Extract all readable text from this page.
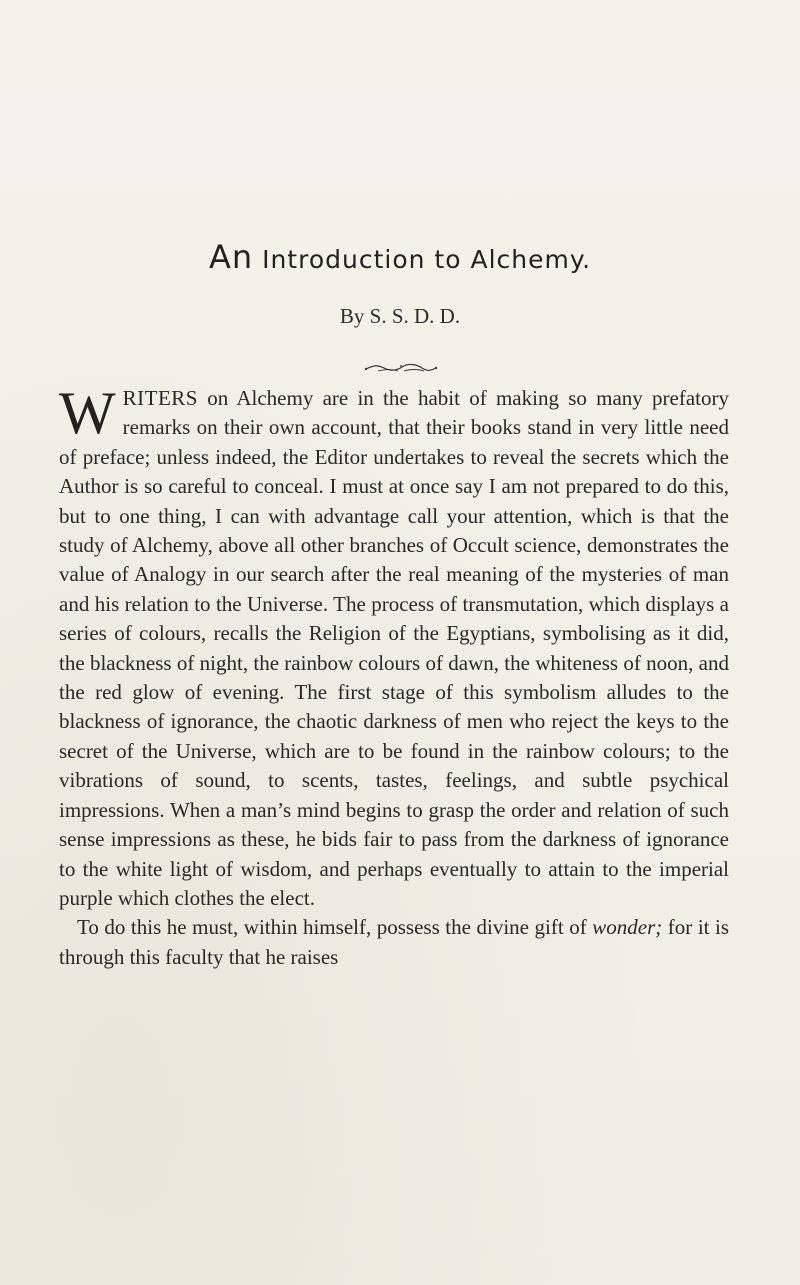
An Introduction to Alchemy.
By S. S. D. D.

WRITERS on Alchemy are in the habit of making so many prefatory remarks on their own account, that their books stand in very little need of preface; unless indeed, the Editor undertakes to reveal the secrets which the Author is so careful to conceal. I must at once say I am not prepared to do this, but to one thing, I can with advantage call your attention, which is that the study of Alchemy, above all other branches of Occult science, demonstrates the value of Analogy in our search after the real meaning of the mysteries of man and his relation to the Universe. The process of transmutation, which displays a series of colours, recalls the Religion of the Egyptians, symbolising as it did, the blackness of night, the rainbow colours of dawn, the whiteness of noon, and the red glow of evening. The first stage of this symbolism alludes to the blackness of ignorance, the chaotic darkness of men who reject the keys to the secret of the Universe, which are to be found in the rainbow colours; to the vibrations of sound, to scents, tastes, feelings, and subtle psychical impressions. When a man’s mind begins to grasp the order and relation of such sense impressions as these, he bids fair to pass from the darkness of ignorance to the white light of wisdom, and perhaps eventually to attain to the imperial purple which clothes the elect.

To do this he must, within himself, possess the divine gift of wonder; for it is through this faculty that he raises
